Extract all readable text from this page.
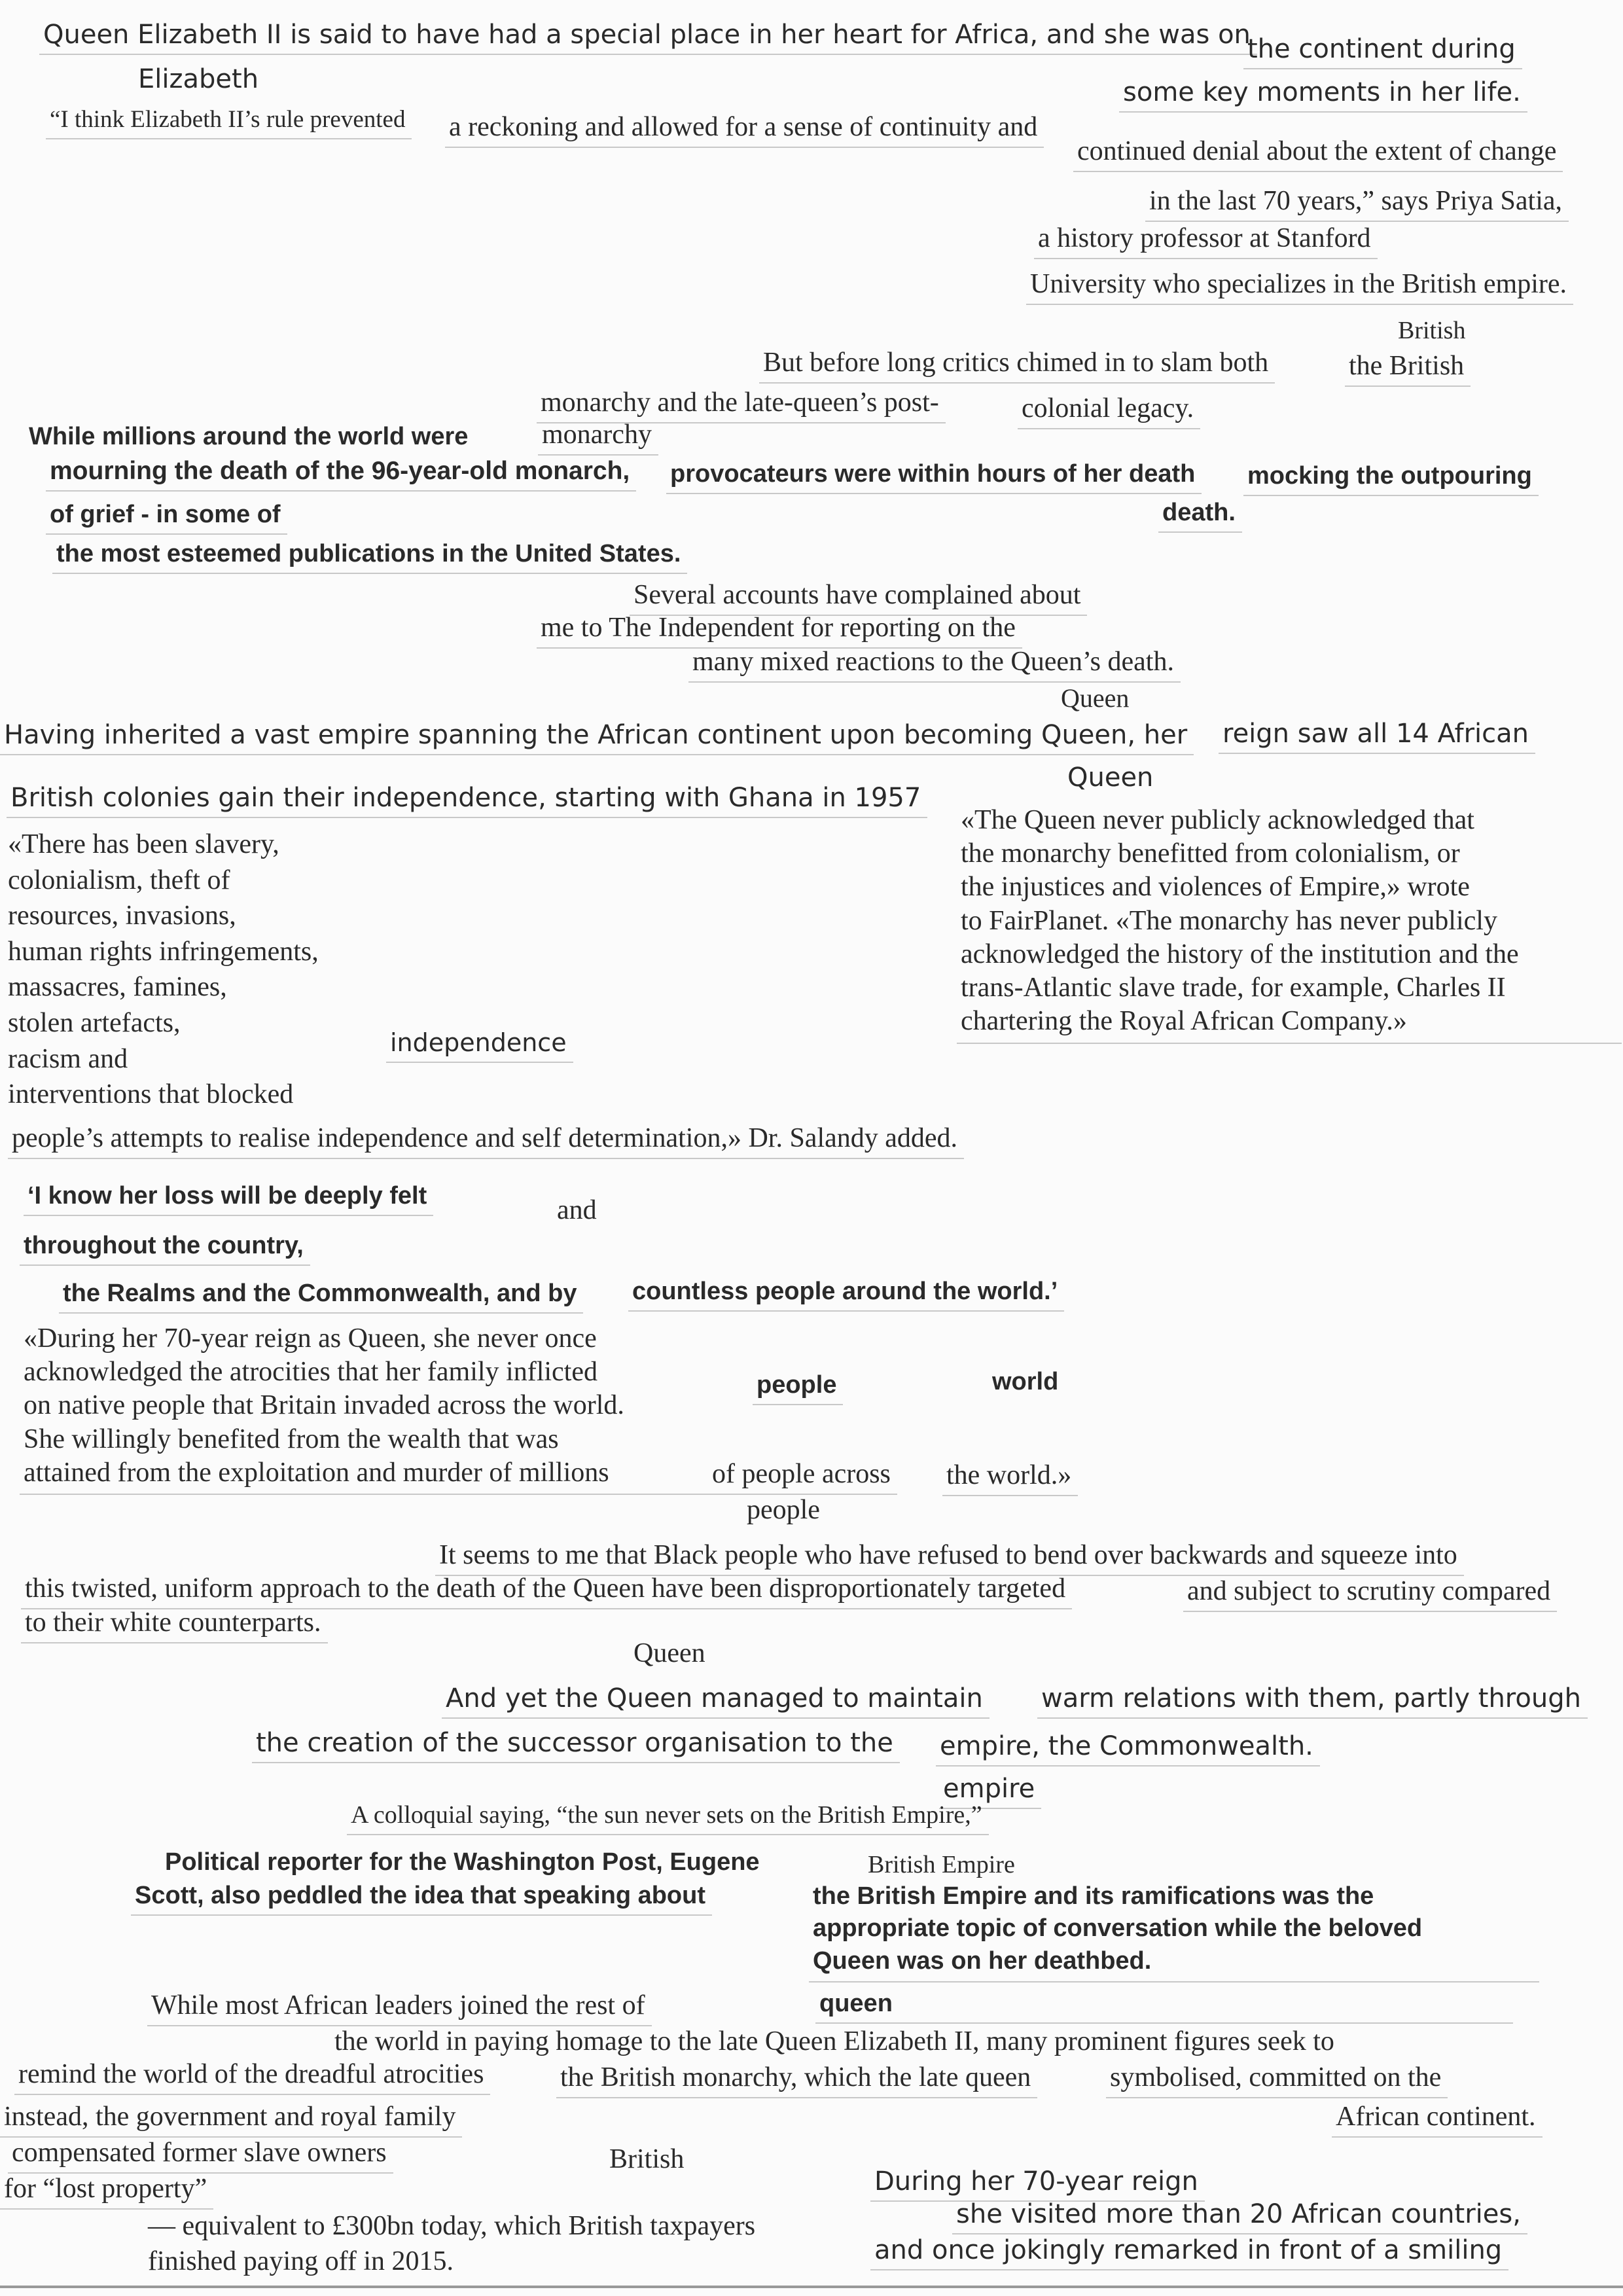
Queen Elizabeth II is said to have had a special place in her heart for Africa, and she was on
the continent during
Elizabeth	some key moments in her life.
“I think Elizabeth II’s rule prevented a reckoning and allowed for a sense of continuity and
continued denial about the extent of change
in the last 70 years,” says Priya Satia,
a history professor at Stanford
University who specializes in the British empire.
British
But before long critics chimed in to slam both	the British
monarchy and the late-queen’s post-	colonial legacy.
While millions around the world were	monarchy
mourning the death of the 96-year-old monarch, provocateurs were within hours of her death mocking the outpouring
of grief - in some of	death.
the most esteemed publications in the United States.
Several accounts have complained about
me to The Independent for reporting on the
many mixed reactions to the Queen’s death.
Queen
Having inherited a vast empire spanning the African continent upon becoming Queen, her reign saw all 14 African
Queen
British colonies gain their independence, starting with Ghana in 1957
«The Queen never publicly acknowledged that
the monarchy benefitted from colonialism, or
the injustices and violences of Empire,» wrote
to FairPlanet. «The monarchy has never publicly
acknowledged the history of the institution and the
trans-Atlantic slave trade, for example, Charles II
chartering the Royal African Company.»
«There has been slavery,
colonialism, theft of
resources, invasions,
human rights infringements,
massacres, famines,
stolen artefacts,
racism and
interventions that blocked
independence
people’s attempts to realise independence and self determination,» Dr. Salandy added.
‘I know her loss will be deeply felt	and
throughout the country,
the Realms and the Commonwealth, and by countless people around the world.’
«During her 70-year reign as Queen, she never once
acknowledged the atrocities that her family inflicted
on native people that Britain invaded across the world.
She willingly benefited from the wealth that was
attained from the exploitation and murder of millions
people	world
of people across the world.»
people
It seems to me that Black people who have refused to bend over backwards and squeeze into
this twisted, uniform approach to the death of the Queen have been disproportionately targeted	and subject to scrutiny compared
to their white counterparts.
Queen
And yet the Queen managed to maintain warm relations with them, partly through
the creation of the successor organisation to the empire, the Commonwealth.
empire
A colloquial saying, “the sun never sets on the British Empire,”
Political reporter for the Washington Post, Eugene	British Empire
Scott, also peddled the idea that speaking about	the British Empire and its ramifications was the
appropriate topic of conversation while the beloved
Queen was on her deathbed.
While most African leaders joined the rest of	queen
the world in paying homage to the late Queen Elizabeth II, many prominent figures seek to
remind the world of the dreadful atrocities	the British monarchy, which the late queen	symbolised, committed on the
instead, the government and royal family	African continent.
compensated former slave owners	British
for “lost property”
— equivalent to £300bn today, which British taxpayers
finished paying off in 2015.
During her 70-year reign
she visited more than 20 African countries,
and once jokingly remarked in front of a smiling
